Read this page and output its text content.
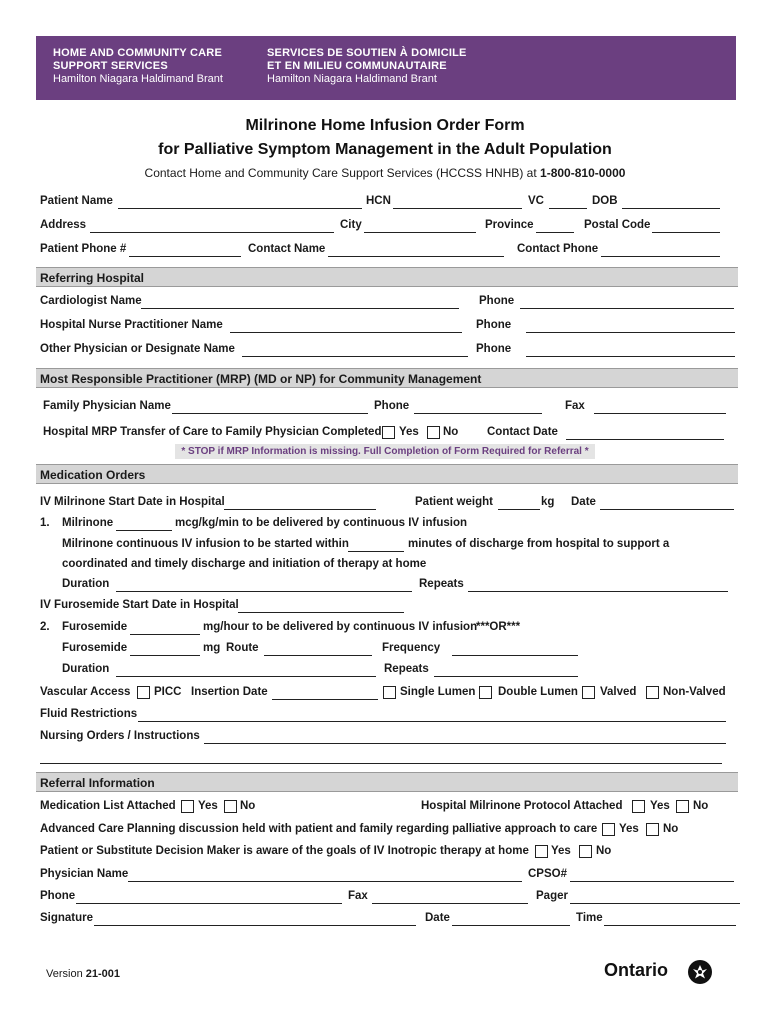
HOME AND COMMUNITY CARE
SUPPORT SERVICES
Hamilton Niagara Haldimand Brant
SERVICES DE SOUTIEN À DOMICILE
ET EN MILIEU COMMUNAUTAIRE
Hamilton Niagara Haldimand Brant
Milrinone Home Infusion Order Form
for Palliative Symptom Management in the Adult Population
Contact Home and Community Care Support Services (HCCSS HNHB) at 1-800-810-0000
Patient Name	HCN	VC	DOB
Address	City	Province	Postal Code
Patient Phone #	Contact Name	Contact Phone
Referring Hospital
Cardiologist Name	Phone
Hospital Nurse Practitioner Name	Phone
Other Physician or Designate Name	Phone
Most Responsible Practitioner (MRP) (MD or NP) for Community Management
Family Physician Name	Phone	Fax
Hospital MRP Transfer of Care to Family Physician Completed Yes No Contact Date
* STOP if MRP Information is missing. Full Completion of Form Required for Referral *
Medication Orders
IV Milrinone Start Date in Hospital	Patient weight	kg Date
1. Milrinone	mcg/kg/min to be delivered by continuous IV infusion
Milrinone continuous IV infusion to be started within	minutes of discharge from hospital to support a
coordinated and timely discharge and initiation of therapy at home
Duration	Repeats
IV Furosemide Start Date in Hospital
2. Furosemide	mg/hour to be delivered by continuous IV infusion
***OR***
Furosemide	mg Route	Frequency
Duration	Repeats
Vascular Access PICC Insertion Date	Single Lumen Double Lumen Valved Non-Valved
Fluid Restrictions
Nursing Orders / Instructions
Referral Information
Medication List Attached Yes No	Hospital Milrinone Protocol Attached Yes No
Advanced Care Planning discussion held with patient and family regarding palliative approach to care Yes No
Patient or Substitute Decision Maker is aware of the goals of IV Inotropic therapy at home Yes No
Physician Name	CPSO#
Phone	Fax	Pager
Signature	Date	Time
Version 21-001	Ontario
